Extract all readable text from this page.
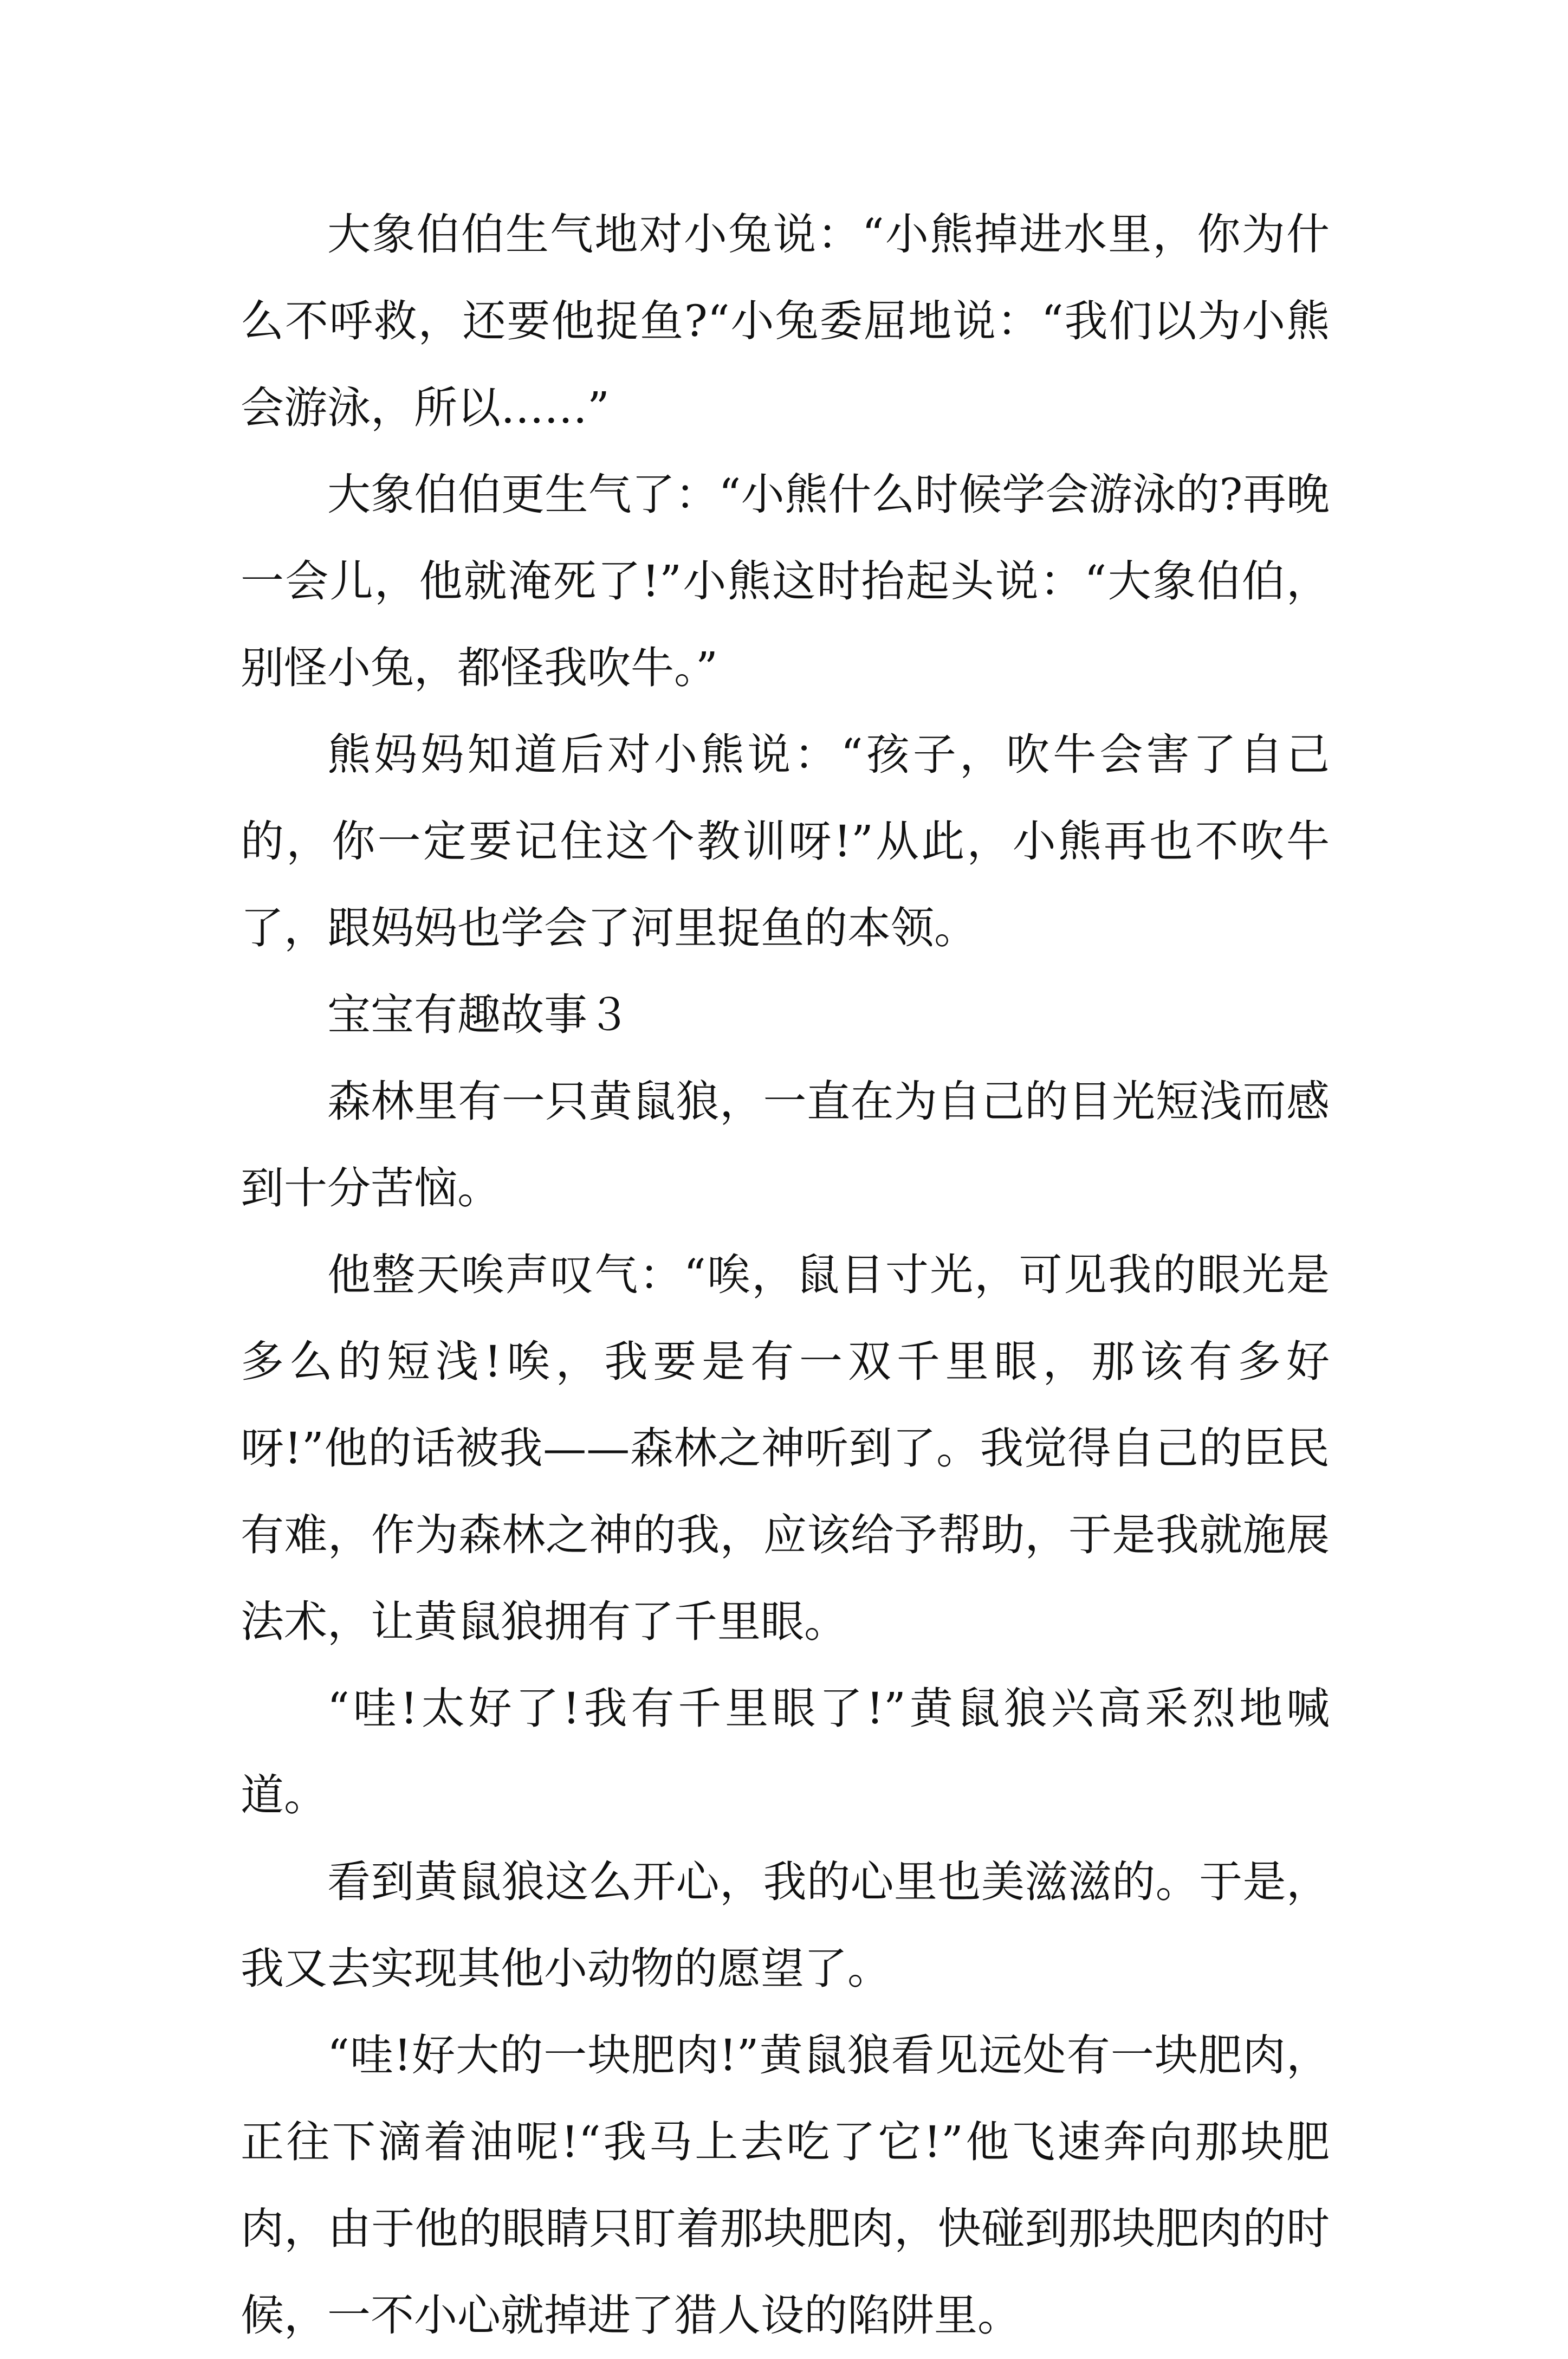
大象伯伯生气地对小兔说：“小熊掉进水里，你为什么不呼救，还要他捉鱼?“小兔委屈地说：“我们以为小熊会游泳，所以……”

大象伯伯更生气了：“小熊什么时候学会游泳的?再晚一会儿，他就淹死了!”小熊这时抬起头说：“大象伯伯，别怪小兔，都怪我吹牛。”

熊妈妈知道后对小熊说：“孩子，吹牛会害了自己的，你一定要记住这个教训呀!”从此，小熊再也不吹牛了，跟妈妈也学会了河里捉鱼的本领。

宝宝有趣故事３

森林里有一只黄鼠狼，一直在为自己的目光短浅而感到十分苦恼。

他整天唉声叹气：“唉，鼠目寸光，可见我的眼光是多么的短浅!唉，我要是有一双千里眼，那该有多好呀!”他的话被我——森林之神听到了。我觉得自己的臣民有难，作为森林之神的我，应该给予帮助，于是我就施展法术，让黄鼠狼拥有了千里眼。

“哇!太好了!我有千里眼了!”黄鼠狼兴高采烈地喊道。

看到黄鼠狼这么开心，我的心里也美滋滋的。于是，我又去实现其他小动物的愿望了。

“哇!好大的一块肥肉!”黄鼠狼看见远处有一块肥肉，正往下滴着油呢!“我马上去吃了它!”他飞速奔向那块肥肉，由于他的眼睛只盯着那块肥肉，快碰到那块肥肉的时候，一不小心就掉进了猎人设的陷阱里。
